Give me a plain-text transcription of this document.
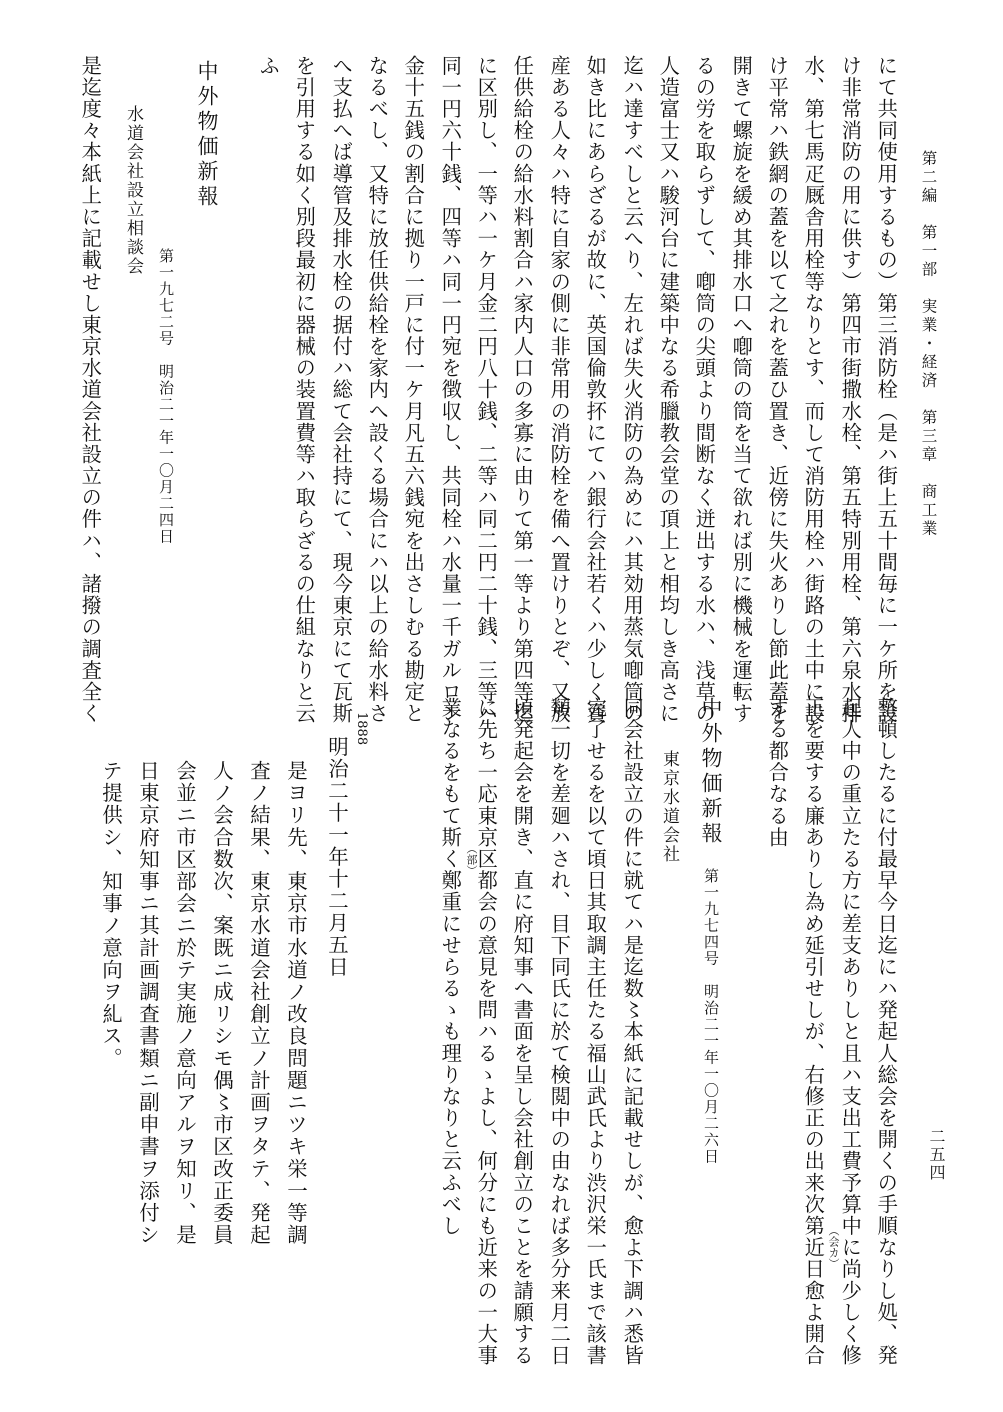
第二編　第一部　実業・経済　第三章　商工業
二五四
にて共同使用するもの）第三消防栓（是ハ街上五十間毎に一ケ所を設
け非常消防の用に供す）第四市街撒水栓、第五特別用栓、第六泉水排
水、第七馬疋厩舎用栓等なりとす、而して消防用栓ハ街路の土中に設
け平常ハ鉄網の蓋を以て之れを蓋ひ置き、近傍に失火ありし節此蓋を
開きて螺旋を緩め其排水口へ喞筒の筒を当て欲れば別に機械を運転す
るの労を取らずして、喞筒の尖頭より間断なく迸出する水ハ、浅草の
人造富士又ハ駿河台に建築中なる希臘教会堂の頂上と相均しき高さに
迄ハ達すべしと云へり、左れば失火消防の為めにハ其効用蒸気喞筒の
如き比にあらざるが故に、英国倫敦抔にてハ銀行会社若くハ少しく資
産ある人々ハ特に自家の側に非常用の消防栓を備へ置けりとぞ、又放
任供給栓の給水料割合ハ家内人口の多寡に由りて第一等より第四等迄
に区別し、一等ハ一ケ月金二円八十銭、二等ハ同二円二十銭、三等ハ
同一円六十銭、四等ハ同一円宛を徴収し、共同栓ハ水量一千ガルロン
金十五銭の割合に拠り一戸に付一ケ月凡五六銭宛を出さしむる勘定と
なるべし、又特に放任供給栓を家内へ設くる場合にハ以上の給水料さ
へ支払へば導管及排水栓の据付ハ総て会社持にて、現今東京にて瓦斯
を引用する如く別段最初に器械の装置費等ハ取らざるの仕組なりと云
ふ
中外物価新報
第一九七二号　明治二一年一〇月二四日
水道会社設立相談会
是迄度々本紙上に記載せし東京水道会社設立の件ハ、諸撥の調査全く
整頓したるに付最早今日迄にハ発起人総会を開くの手順なりし処、発
起人中の重立たる方に差支ありしと且ハ支出工費予算中に尚少しく修
正を要する廉ありし為め延引せしが、右修正の出来次第近日愈よ開合 （会カ）
する都合なる由
中外物価新報
第一九七四号　明治二一年一〇月二六日
東京水道会社
同会社設立の件に就てハ是迄数〻本紙に記載せしが、愈よ下調ハ悉皆
完了せるを以て頃日其取調主任たる福山武氏より渋沢栄一氏まで該書
類一切を差廻ハされ、目下同氏に於て検閲中の由なれば多分来月二日
頃発起会を開き、直に府知事へ書面を呈し会社創立のことを請願する
に先ち一応東京区都会の意見を問ハるゝよし、何分にも近来の一大事
（部）
業なるをもて斯く鄭重にせらるゝも理りなりと云ふべし
1888
明治二十一年十二月五日
是ヨリ先、東京市水道ノ改良問題ニツキ栄一等調
査ノ結果、東京水道会社創立ノ計画ヲタテ、発起
人ノ会合数次、案既ニ成リシモ偶〻市区改正委員
会並ニ市区部会ニ於テ実施ノ意向アルヲ知リ、是
日東京府知事ニ其計画調査書類ニ副申書ヲ添付シ
テ提供シ、知事ノ意向ヲ糺ス。
